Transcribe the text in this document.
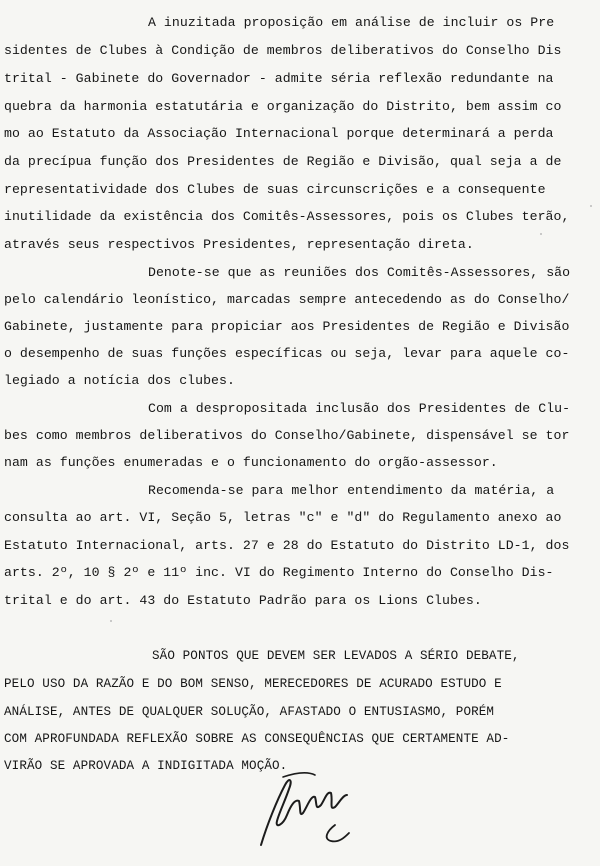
A inuzitada proposição em análise de incluir os Pre
sidentes de Clubes à Condição de membros deliberativos do Conselho Dis
trital - Gabinete do Governador - admite séria reflexão redundante na
quebra da harmonia estatutária e organização do Distrito, bem assim co
mo ao Estatuto da Associação Internacional porque determinará a perda
da precípua função dos Presidentes de Região e Divisão, qual seja a de
representatividade dos Clubes de suas circunscrições e a consequente
inutilidade da existência dos Comitês-Assessores, pois os Clubes terão,
através seus respectivos Presidentes, representação direta.
Denote-se que as reuniões dos Comitês-Assessores, são
pelo calendário leonístico, marcadas sempre antecedendo as do Conselho/
Gabinete, justamente para propiciar aos Presidentes de Região e Divisão
o desempenho de suas funções específicas ou seja, levar para aquele co-
legiado a notícia dos clubes.
Com a despropositada inclusão dos Presidentes de Clu-
bes como membros deliberativos do Conselho/Gabinete, dispensável se tor
nam as funções enumeradas e o funcionamento do orgão-assessor.
Recomenda-se para melhor entendimento da matéria, a
consulta ao art. VI, Seção 5, letras "c" e "d" do Regulamento anexo ao
Estatuto Internacional, arts. 27 e 28 do Estatuto do Distrito LD-1, dos
arts. 2º, 10 § 2º e 11º inc. VI do Regimento Interno do Conselho Dis-
trital e do art. 43 do Estatuto Padrão para os Lions Clubes.
SÃO PONTOS QUE DEVEM SER LEVADOS A SÉRIO DEBATE,
PELO USO DA RAZÃO E DO BOM SENSO, MERECEDORES DE ACURADO ESTUDO E
ANÁLISE, ANTES DE QUALQUER SOLUÇÃO, AFASTADO O ENTUSIASMO, PORÉM
COM APROFUNDADA REFLEXÃO SOBRE AS CONSEQUÊNCIAS QUE CERTAMENTE AD-
VIRÃO SE APROVADA A INDIGITADA MOÇÃO.
